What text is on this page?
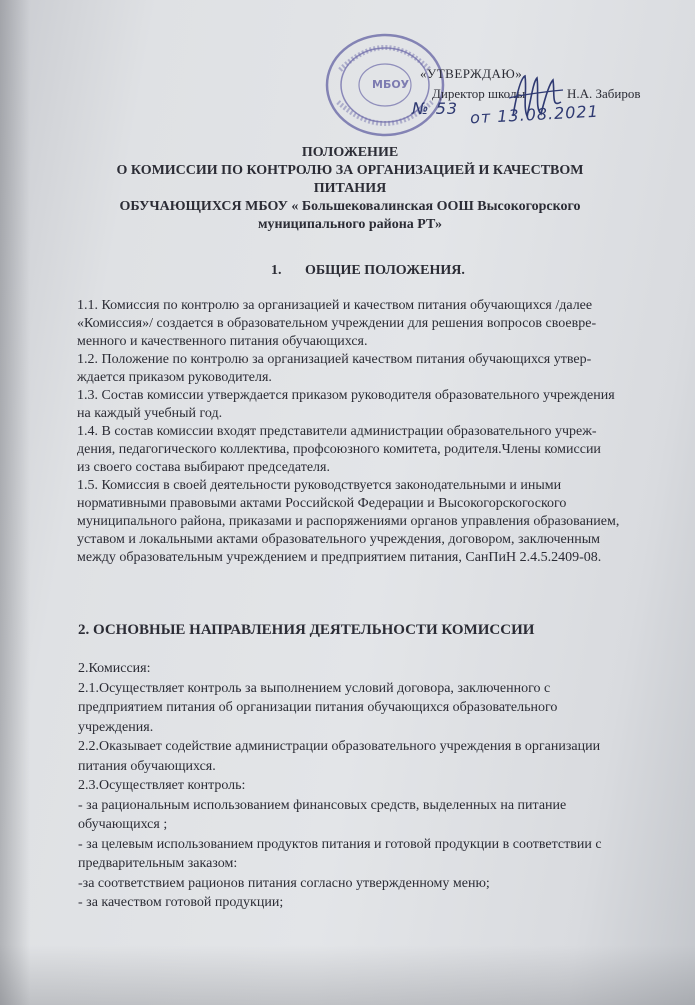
МБОУ
«УТВЕРЖДАЮ»
Директор школы	Н.А. Забиров
№ 53 от 13.08.2021
ПОЛОЖЕНИЕ
О КОМИССИИ ПО КОНТРОЛЮ ЗА ОРГАНИЗАЦИЕЙ И КАЧЕСТВОМ
ПИТАНИЯ
ОБУЧАЮЩИХСЯ МБОУ « Большековалинская ООШ Высокогорского
муниципального района РТ»
1. ОБЩИЕ ПОЛОЖЕНИЯ.
1.1. Комиссия по контролю за организацией и качеством питания обучающихся /далее
«Комиссия»/ создается в образовательном учреждении для решения вопросов своевре-
менного и качественного питания обучающихся.
1.2. Положение по контролю за организацией качеством питания обучающихся утвер-
ждается приказом руководителя.
1.3. Состав комиссии утверждается приказом руководителя образовательного учреждения
на каждый учебный год.
1.4. В состав комиссии входят представители администрации образовательного учреж-
дения, педагогического коллектива, профсоюзного комитета, родителя.Члены комиссии
из своего состава выбирают председателя.
1.5. Комиссия в своей деятельности руководствуется законодательными и иными
нормативными правовыми актами Российской Федерации и Высокогорскогоского
муниципального района, приказами и распоряжениями органов управления образованием,
уставом и локальными актами образовательного учреждения, договором, заключенным
между образовательным учреждением и предприятием питания, СанПиН 2.4.5.2409-08.
2. ОСНОВНЫЕ НАПРАВЛЕНИЯ ДЕЯТЕЛЬНОСТИ КОМИССИИ
2.Комиссия:
2.1.Осуществляет контроль за выполнением условий договора, заключенного с
предприятием питания об организации питания обучающихся образовательного
учреждения.
2.2.Оказывает содействие администрации образовательного учреждения в организации
питания обучающихся.
2.3.Осуществляет контроль:
- за рациональным использованием финансовых средств, выделенных на питание
обучающихся ;
- за целевым использованием продуктов питания и готовой продукции в соответствии с
предварительным заказом:
-за соответствием рационов питания согласно утвержденному меню;
- за качеством готовой продукции;
